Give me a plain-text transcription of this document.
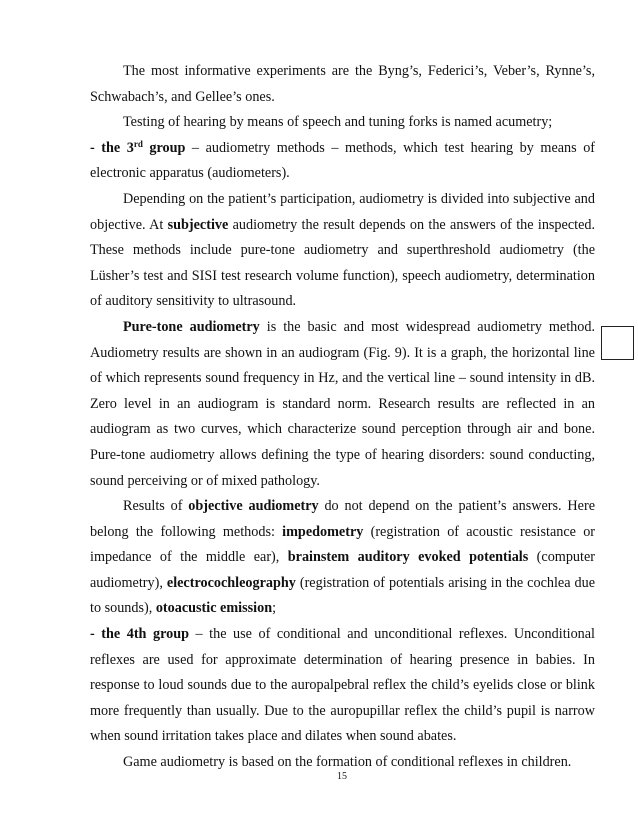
The most informative experiments are the Byng’s, Federici’s, Veber’s, Rynne’s, Schwabach’s, and Gellee’s ones.

Testing of hearing by means of speech and tuning forks is named acumetry;

- the 3rd group – audiometry methods – methods, which test hearing by means of electronic apparatus (audiometers).

Depending on the patient’s participation, audiometry is divided into subjective and objective. At subjective audiometry the result depends on the answers of the inspected. These methods include pure-tone audiometry and superthreshold audiometry (the Lüsher’s test and SISI test research volume function), speech audiometry, determination of auditory sensitivity to ultrasound.

Pure-tone audiometry is the basic and most widespread audiometry method. Audiometry results are shown in an audiogram (Fig. 9). It is a graph, the horizontal line of which represents sound frequency in Hz, and the vertical line – sound intensity in dB. Zero level in an audiogram is standard norm. Research results are reflected in an audiogram as two curves, which characterize sound perception through air and bone. Pure-tone audiometry allows defining the type of hearing disorders: sound conducting, sound perceiving or of mixed pathology.

Results of objective audiometry do not depend on the patient’s answers. Here belong the following methods: impedometry (registration of acoustic resistance or impedance of the middle ear), brainstem auditory evoked potentials (computer audiometry), electrocochleography (registration of potentials arising in the cochlea due to sounds), otoacustic emission;

- the 4th group – the use of conditional and unconditional reflexes. Unconditional reflexes are used for approximate determination of hearing presence in babies. In response to loud sounds due to the auropalpebral reflex the child’s eyelids close or blink more frequently than usually. Due to the auropupillar reflex the child’s pupil is narrow when sound irritation takes place and dilates when sound abates.

Game audiometry is based on the formation of conditional reflexes in children.

15
